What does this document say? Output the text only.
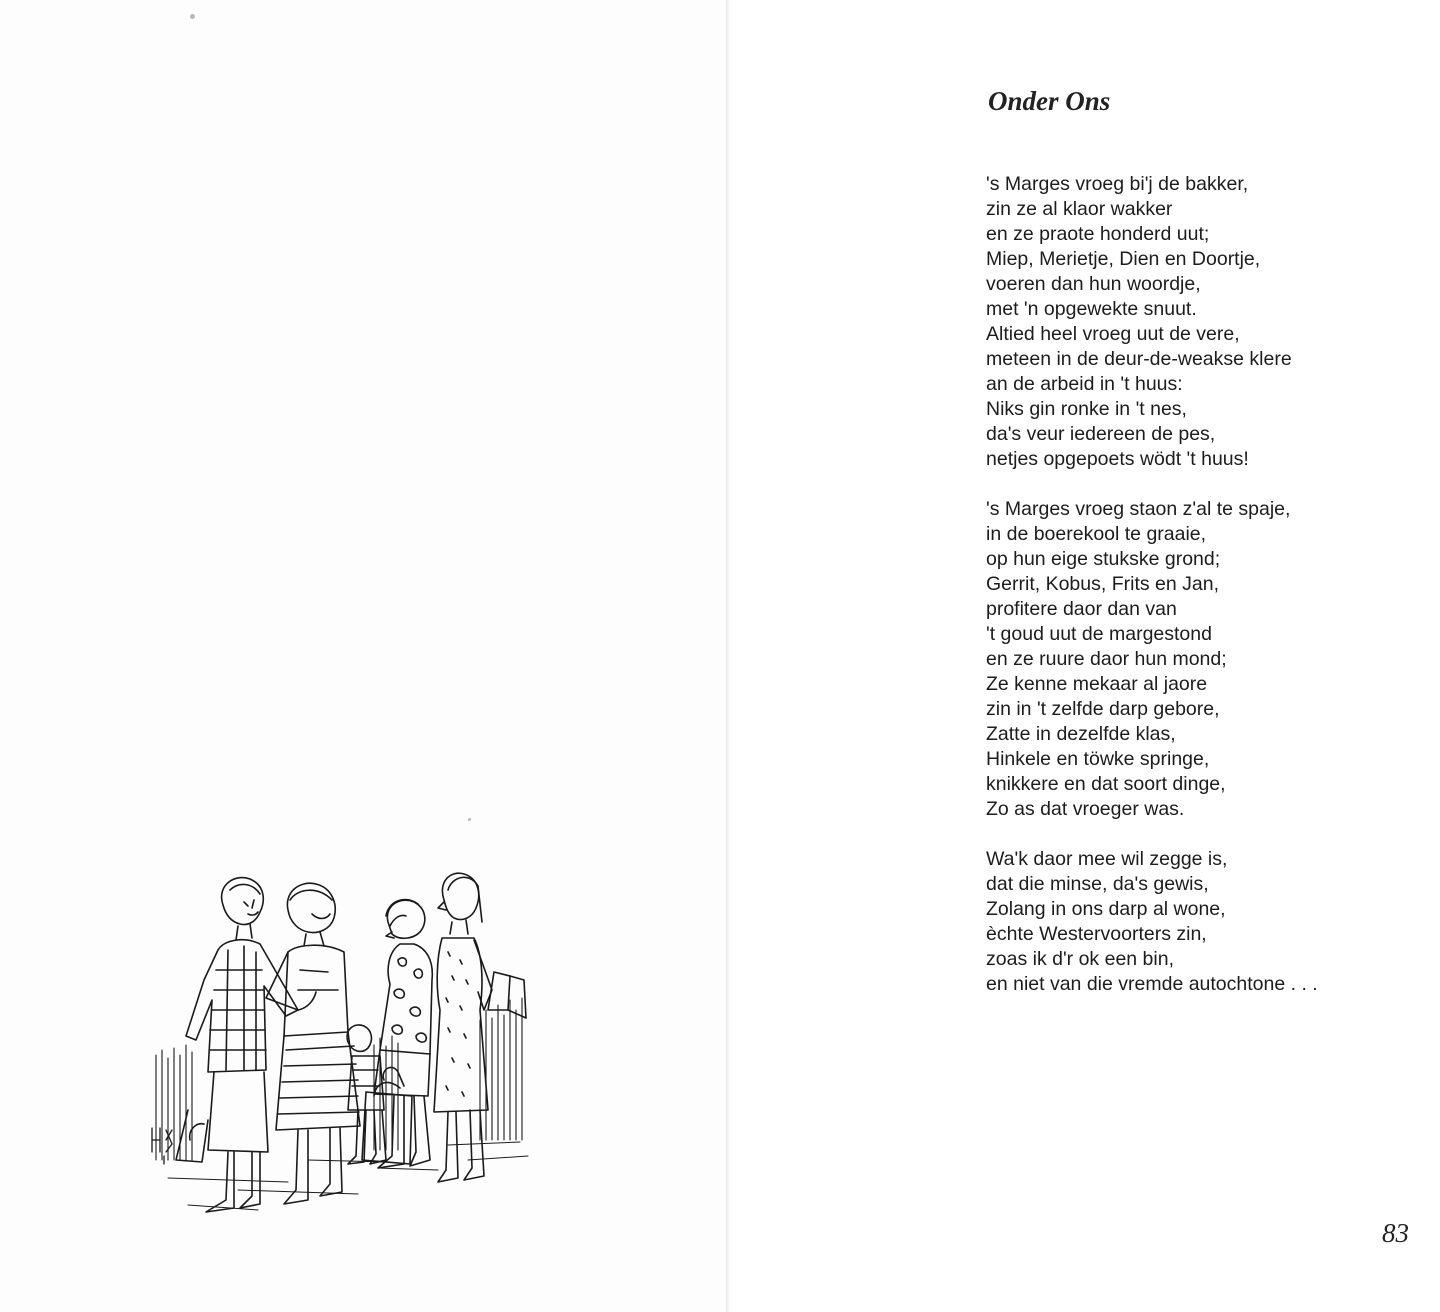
Onder Ons
's Marges vroeg bi'j de bakker,
zin ze al klaor wakker
en ze praote honderd uut;
Miep, Merietje, Dien en Doortje,
voeren dan hun woordje,
met 'n opgewekte snuut.
Altied heel vroeg uut de vere,
meteen in de deur-de-weakse klere
an de arbeid in 't huus:
Niks gin ronke in 't nes,
da's veur iedereen de pes,
netjes opgepoets wödt 't huus!
's Marges vroeg staon z'al te spaje,
in de boerekool te graaie,
op hun eige stukske grond;
Gerrit, Kobus, Frits en Jan,
profitere daor dan van
't goud uut de margestond
en ze ruure daor hun mond;
Ze kenne mekaar al jaore
zin in 't zelfde darp gebore,
Zatte in dezelfde klas,
Hinkele en töwke springe,
knikkere en dat soort dinge,
Zo as dat vroeger was.
Wa'k daor mee wil zegge is,
dat die minse, da's gewis,
Zolang in ons darp al wone,
èchte Westervoorters zin,
zoas ik d'r ok een bin,
en niet van die vremde autochtone . . .
83
